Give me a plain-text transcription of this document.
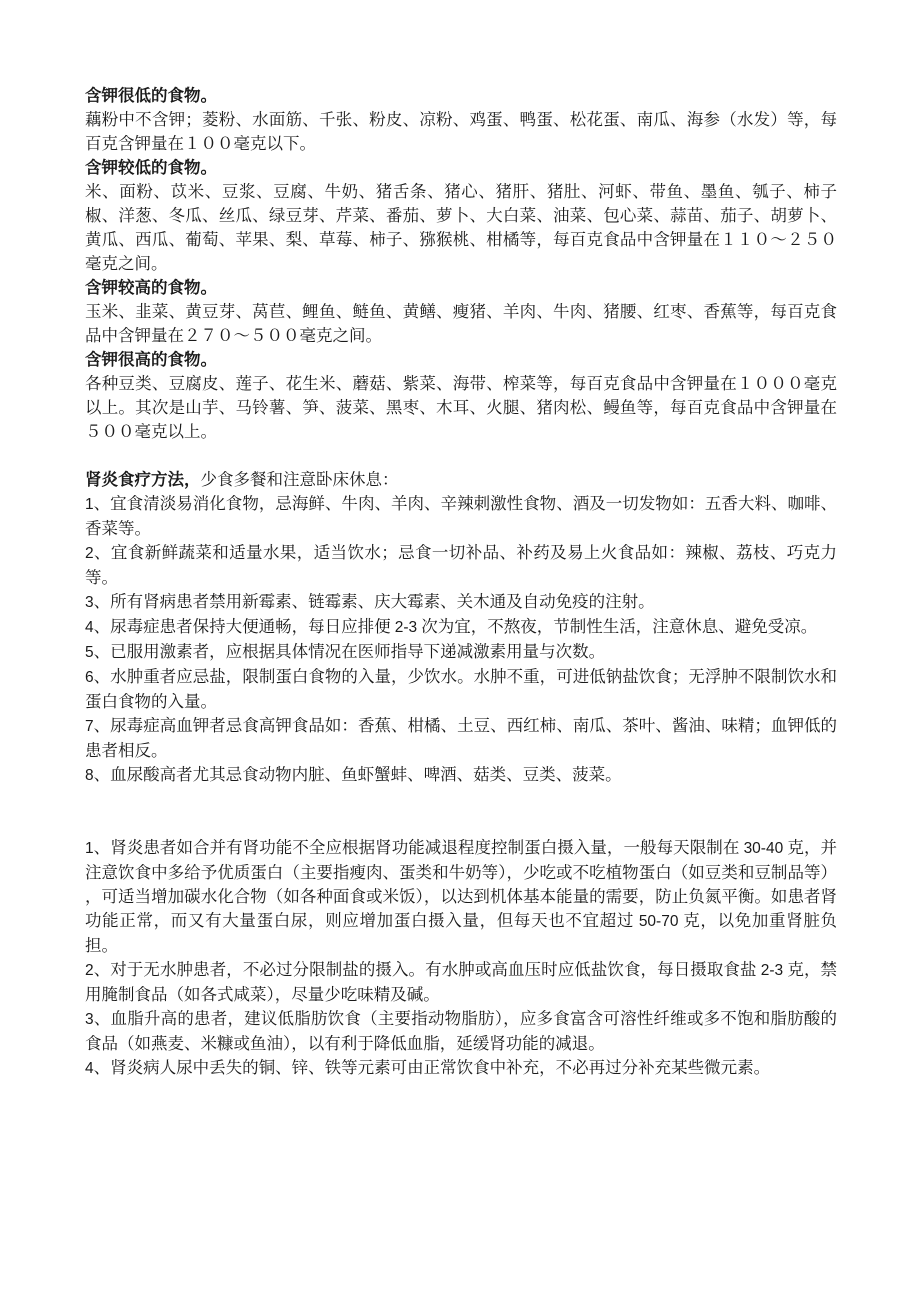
含钾很低的食物。

藕粉中不含钾；菱粉、水面筋、千张、粉皮、凉粉、鸡蛋、鸭蛋、松花蛋、南瓜、海参（水发）等，每百克含钾量在１００毫克以下。

含钾较低的食物。

米、面粉、苡米、豆浆、豆腐、牛奶、猪舌条、猪心、猪肝、猪肚、河虾、带鱼、墨鱼、瓠子、柿子椒、洋葱、冬瓜、丝瓜、绿豆芽、芹菜、番茄、萝卜、大白菜、油菜、包心菜、蒜苗、茄子、胡萝卜、黄瓜、西瓜、葡萄、苹果、梨、草莓、柿子、猕猴桃、柑橘等，每百克食品中含钾量在１１０～２５０毫克之间。

含钾较高的食物。

玉米、韭菜、黄豆芽、莴苣、鲤鱼、鲢鱼、黄鳝、瘦猪、羊肉、牛肉、猪腰、红枣、香蕉等，每百克食品中含钾量在２７０～５００毫克之间。

含钾很高的食物。

各种豆类、豆腐皮、莲子、花生米、蘑菇、紫菜、海带、榨菜等，每百克食品中含钾量在１０００毫克以上。其次是山芋、马铃薯、笋、菠菜、黑枣、木耳、火腿、猪肉松、鳗鱼等，每百克食品中含钾量在５００毫克以上。

肾炎食疗方法，少食多餐和注意卧床休息：

1、宜食清淡易消化食物，忌海鲜、牛肉、羊肉、辛辣刺激性食物、酒及一切发物如：五香大料、咖啡、香菜等。

2、宜食新鲜蔬菜和适量水果，适当饮水；忌食一切补品、补药及易上火食品如：辣椒、荔枝、巧克力等。

3、所有肾病患者禁用新霉素、链霉素、庆大霉素、关木通及自动免疫的注射。

4、尿毒症患者保持大便通畅，每日应排便 2-3 次为宜，不熬夜，节制性生活，注意休息、避免受凉。

5、已服用激素者，应根据具体情况在医师指导下递减激素用量与次数。

6、水肿重者应忌盐，限制蛋白食物的入量，少饮水。水肿不重，可进低钠盐饮食；无浮肿不限制饮水和蛋白食物的入量。

7、尿毒症高血钾者忌食高钾食品如：香蕉、柑橘、土豆、西红柿、南瓜、茶叶、酱油、味精；血钾低的患者相反。

8、血尿酸高者尤其忌食动物内脏、鱼虾蟹蚌、啤酒、菇类、豆类、菠菜。

1、肾炎患者如合并有肾功能不全应根据肾功能减退程度控制蛋白摄入量，一般每天限制在 30-40 克，并注意饮食中多给予优质蛋白（主要指瘦肉、蛋类和牛奶等），少吃或不吃植物蛋白（如豆类和豆制品等） ，可适当增加碳水化合物（如各种面食或米饭），以达到机体基本能量的需要，防止负氮平衡。如患者肾功能正常，而又有大量蛋白尿，则应增加蛋白摄入量，但每天也不宜超过 50-70 克，以免加重肾脏负担。

2、对于无水肿患者，不必过分限制盐的摄入。有水肿或高血压时应低盐饮食，每日摄取食盐 2-3 克，禁用腌制食品（如各式咸菜），尽量少吃味精及碱。

3、血脂升高的患者，建议低脂肪饮食（主要指动物脂肪），应多食富含可溶性纤维或多不饱和脂肪酸的食品（如燕麦、米糠或鱼油），以有利于降低血脂，延缓肾功能的减退。

4、肾炎病人尿中丢失的铜、锌、铁等元素可由正常饮食中补充，不必再过分补充某些微元素。
